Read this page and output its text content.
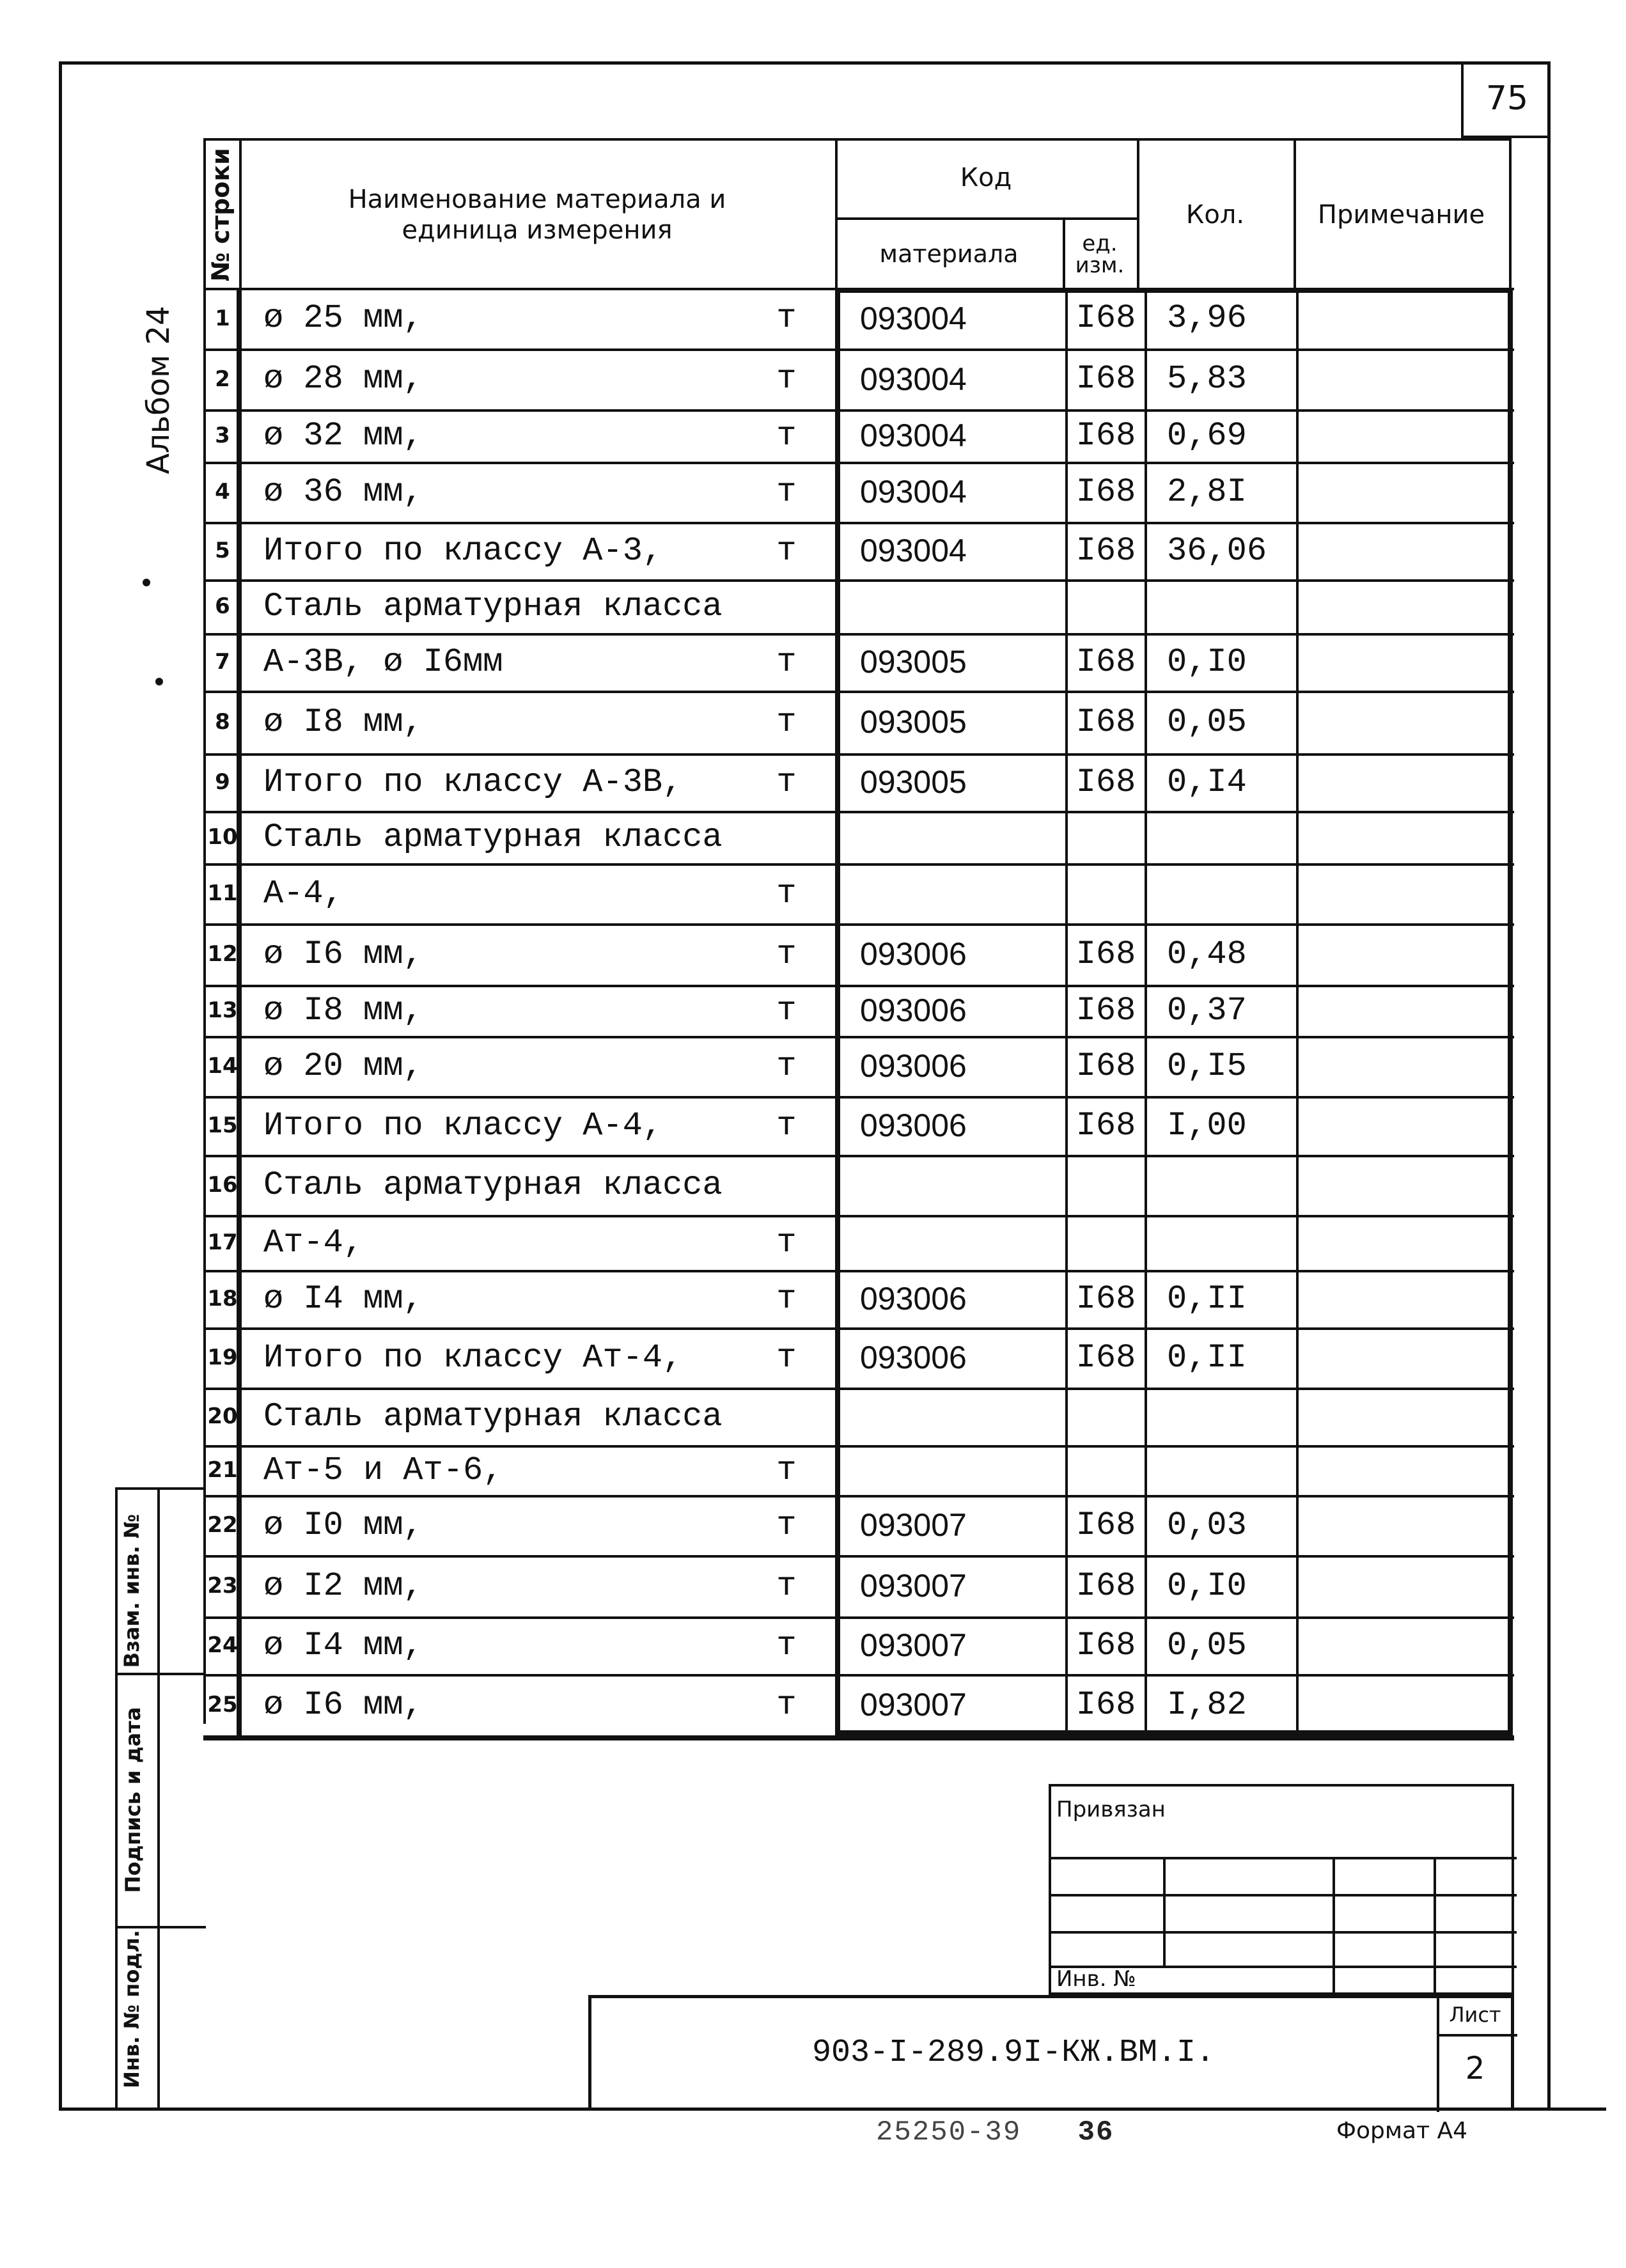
75
Альбом 24
№ строки	Наименование материала и
единица измерения
Код
материала	ед.
изм.
Кол.	Примечание
1 ø 25 мм,	т	093004	I68 3,96
2 ø 28 мм,	т	093004	I68 5,83
3 ø 32 мм,	т	093004	I68 0,69
4 ø 36 мм,	т	093004	I68 2,8I
5 Итого по классу А-3,	т	093004	I68 36,06
6 Сталь арматурная класса
7 А-3В, ø I6мм	т	093005	I68 0,I0
8 ø I8 мм,	т	093005	I68 0,05
9 Итого по классу А-3В,	т	093005	I68 0,I4
10 Сталь арматурная класса
11 А-4,	т
12 ø I6 мм,	т	093006	I68 0,48
13 ø I8 мм,	т	093006	I68 0,37
14 ø 20 мм,	т	093006	I68 0,I5
15 Итого по классу А-4,	т	093006	I68 I,00
16 Сталь арматурная класса
17 Ат-4,	т
18 ø I4 мм,	т	093006	I68 0,II
19 Итого по классу Ат-4,	т	093006	I68 0,II
20 Сталь арматурная класса
21 Ат-5 и Ат-6,	т
22 ø I0 мм,	т	093007	I68 0,03
23 ø I2 мм,	т	093007	I68 0,I0
24 ø I4 мм,	т	093007	I68 0,05
25 ø I6 мм,	т	093007	I68 I,82
Взам. инв. №
Подпись и дата
Инв. № подл.
Привязан
Инв. №
903-I-289.9I-КЖ.ВМ.I.
Лист
2
25250-39 36	Формат А4
